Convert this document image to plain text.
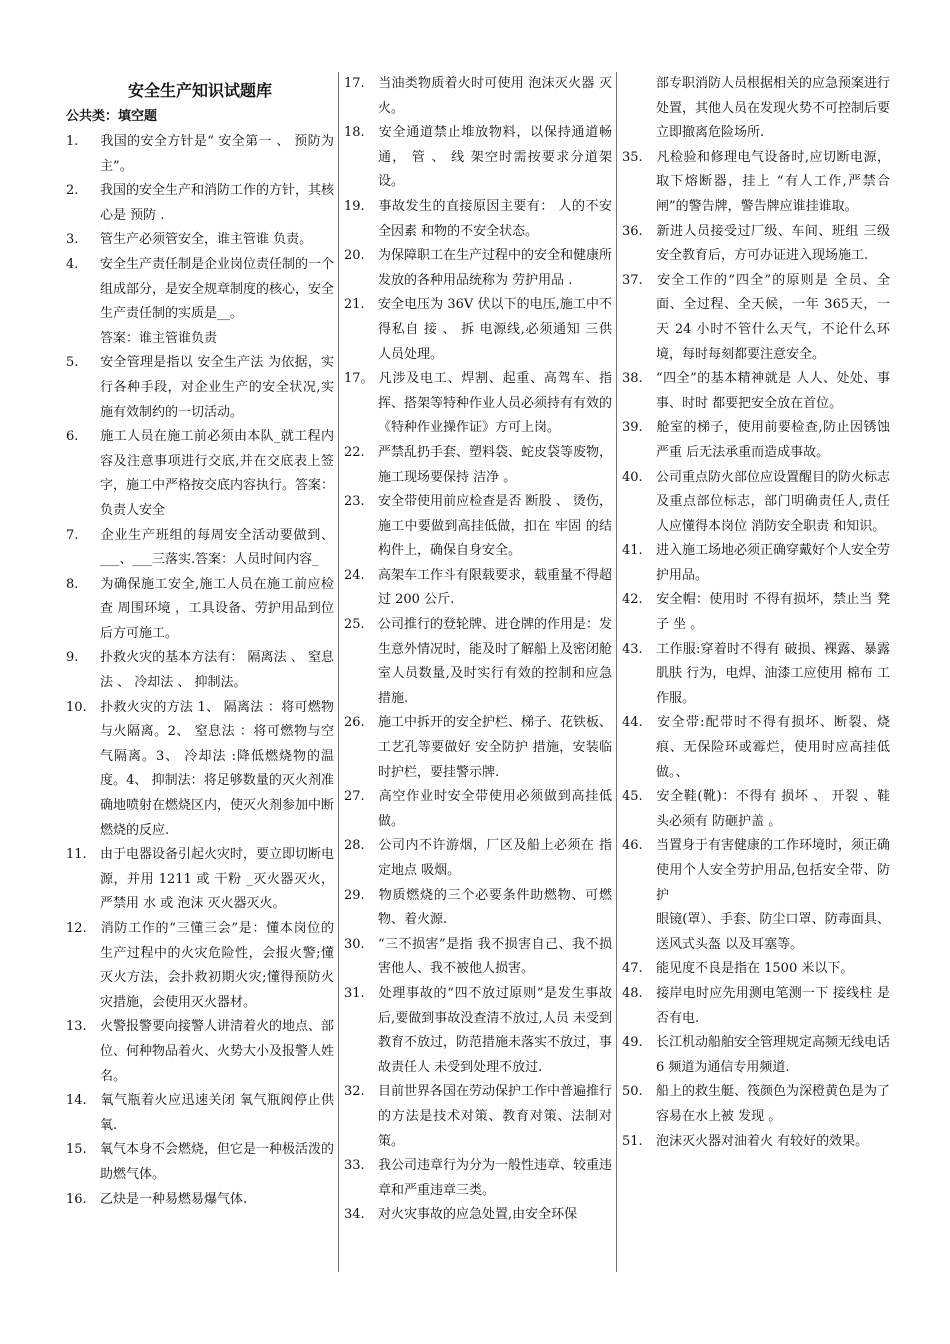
安全生产知识试题库
公共类：填空题
1. 我国的安全方针是“ 安全第一 、 预防为主”。
2. 我国的安全生产和消防工作的方针，其核心是 预防 .
3. 管生产必须管安全，谁主管谁 负责。
4. 安全生产责任制是企业岗位责任制的一个组成部分，是安全规章制度的核心，安全生产责任制的实质是__。
答案：谁主管谁负责
5. 安全管理是指以 安全生产法 为依据，实行各种手段，对企业生产的安全状况,实施有效制约的一切活动。
6. 施工人员在施工前必须由本队_就工程内容及注意事项进行交底,并在交底表上签字，施工中严格按交底内容执行。答案：负责人安全
7. 企业生产班组的每周安全活动要做到、___、___三落实.答案：人员时间内容_
8. 为确保施工安全,施工人员在施工前应检查 周围环境 ，工具设备、劳护用品到位后方可施工。
9. 扑救火灾的基本方法有： 隔离法 、 窒息法 、 冷却法 、 抑制法。
10. 扑救火灾的方法 1、 隔离法 ：将可燃物与火隔离。2、 窒息法 ：将可燃物与空气隔离。3、 冷却法 :降低燃烧物的温度。4、 抑制法：将足够数量的灭火剂准确地喷射在燃烧区内，使灭火剂参加中断燃烧的反应.
11. 由于电器设备引起火灾时，要立即切断电源，并用 1211 或 干粉 _灭火器灭火，严禁用 水 或 泡沫 灭火器灭火。
12. 消防工作的“三懂三会”是：懂本岗位的生产过程中的火灾危险性，会报火警;懂灭火方法，会扑救初期火灾;懂得预防火灾措施，会使用灭火器材。
13. 火警报警要向接警人讲清着火的地点、部位、何种物品着火、火势大小及报警人姓名。
14. 氧气瓶着火应迅速关闭 氧气瓶阀停止供氧.
15. 氧气本身不会燃烧，但它是一种极活泼的助燃气体。
16. 乙炔是一种易燃易爆气体.
17. 当油类物质着火时可使用 泡沫灭火器 灭火。
18. 安全通道禁止堆放物料，以保持通道畅通， 管 、 线 架空时需按要求分道架设。
19. 事故发生的直接原因主要有： 人的不安全因素 和物的不安全状态。
20. 为保障职工在生产过程中的安全和健康所发放的各种用品统称为 劳护用品 .
21. 安全电压为 36V 伏以下的电压,施工中不得私自 接 、 拆 电源线,必须通知 三供 人员处理。
17。 凡涉及电工、焊割、起重、高驾车、指挥、搭架等特种作业人员必须持有有效的《特种作业操作证》方可上岗。
22. 严禁乱扔手套、塑料袋、蛇皮袋等废物，施工现场要保持 洁净 。
23. 安全带使用前应检查是否 断股 、 烫伤，施工中要做到高挂低做，扣在 牢固 的结构件上，确保自身安全。
24. 高架车工作斗有限载要求，载重量不得超过 200 公斤.
25. 公司推行的登轮牌、进仓牌的作用是：发生意外情况时，能及时了解船上及密闭舱室人员数量,及时实行有效的控制和应急措施.
26. 施工中拆开的安全护栏、梯子、花铁板、工艺孔等要做好 安全防护 措施，安装临时护栏，要挂警示牌.
27. 高空作业时安全带使用必须做到高挂低做。
28. 公司内不许游烟，厂区及船上必须在 指定地点 吸烟。
29. 物质燃烧的三个必要条件助燃物、可燃物、着火源.
30. “三不损害”是指 我不损害自己、我不损害他人、我不被他人损害。
31. 处理事故的“四不放过原则”是发生事故后,要做到事故没查清不放过,人员 未受到教育不放过，防范措施未落实不放过，事故责任人 未受到处理不放过.
32. 目前世界各国在劳动保护工作中普遍推行的方法是技术对策、教育对策、法制对策。
33. 我公司违章行为分为一般性违章、较重违章和严重违章三类。
34. 对火灾事故的应急处置,由安全环保
部专职消防人员根据相关的应急预案进行处置，其他人员在发现火势不可控制后要立即撤离危险场所.
35. 凡检验和修理电气设备时,应切断电源，取下熔断器，挂上 “有人工作,严禁合闸”的警告牌，警告牌应谁挂谁取。
36. 新进人员接受过厂级、车间、班组 三级安全教育后，方可办证进入现场施工.
37. 安全工作的“四全”的原则是 全员、全面、全过程、全天候，一年 365天，一天 24 小时不管什么天气，不论什么环境，每时每刻都要注意安全。
38. “四全”的基本精神就是 人人、处处、事事、时时 都要把安全放在首位。
39. 舱室的梯子，使用前要检查,防止因锈蚀严重 后无法承重而造成事故。
40. 公司重点防火部位应设置醒目的防火标志及重点部位标志，部门明确责任人,责任人应懂得本岗位 消防安全职责 和知识。
41. 进入施工场地必须正确穿戴好个人安全劳护用品。
42. 安全帽：使用时 不得有损坏，禁止当 凳子 坐 。
43. 工作服:穿着时不得有 破损、裸露、暴露肌肤 行为，电焊、油漆工应使用 棉布 工作服。
44. 安全带:配带时不得有损坏、断裂、烧痕、无保险环或霉烂，使用时应高挂低做。、
45. 安全鞋(靴)：不得有 损坏 、 开裂 、鞋头必须有 防砸护盖 。
46. 当置身于有害健康的工作环境时，须正确使用个人安全劳护用品,包括安全带、防护
眼镜(罩）、手套、防尘口罩、防毒面具、送风式头盔 以及耳塞等。
47. 能见度不良是指在 1500 米以下。
48. 接岸电时应先用测电笔测一下 接线柱 是否有电.
49. 长江机动船舶安全管理规定高频无线电话 6 频道为通信专用频道.
50. 船上的救生艇、筏颜色为深橙黄色是为了容易在水上被 发现 。
51. 泡沫灭火器对油着火 有较好的效果。
